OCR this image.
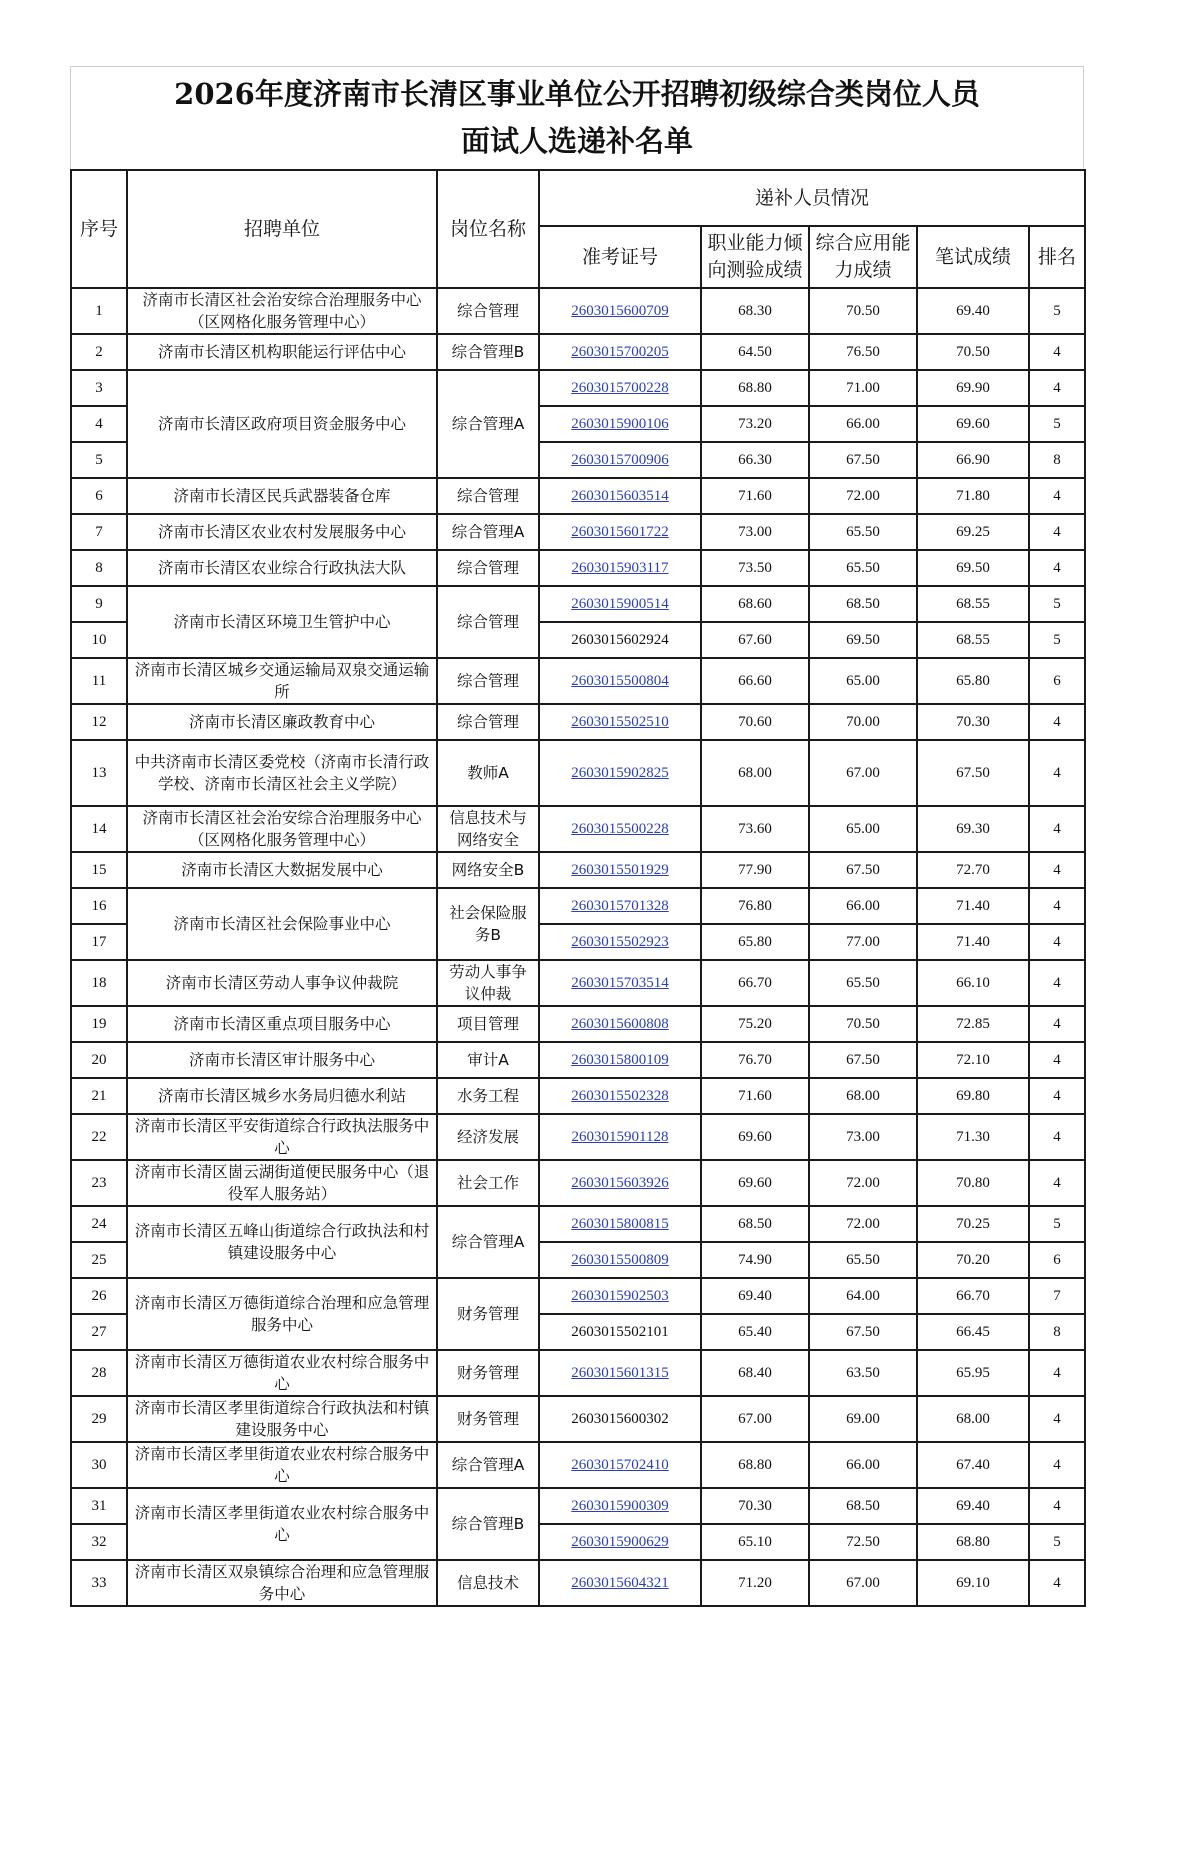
2026年度济南市长清区事业单位公开招聘初级综合类岗位人员
面试人选递补名单
序号	招聘单位	岗位名称	递补人员情况				
			准考证号	职业能力倾向测验成绩	综合应用能力成绩	笔试成绩	排名
1	济南市长清区社会治安综合治理服务中心（区网格化服务管理中心）	综合管理	2603015600709	68.30	70.50	69.40	5
2	济南市长清区机构职能运行评估中心	综合管理B	2603015700205	64.50	76.50	70.50	4
3	济南市长清区政府项目资金服务中心	综合管理A	2603015700228	68.80	71.00	69.90	4
4			2603015900106	73.20	66.00	69.60	5
5			2603015700906	66.30	67.50	66.90	8
6	济南市长清区民兵武器装备仓库	综合管理	2603015603514	71.60	72.00	71.80	4
7	济南市长清区农业农村发展服务中心	综合管理A	2603015601722	73.00	65.50	69.25	4
8	济南市长清区农业综合行政执法大队	综合管理	2603015903117	73.50	65.50	69.50	4
9	济南市长清区环境卫生管护中心	综合管理	2603015900514	68.60	68.50	68.55	5
10			2603015602924	67.60	69.50	68.55	5
11	济南市长清区城乡交通运输局双泉交通运输所	综合管理	2603015500804	66.60	65.00	65.80	6
12	济南市长清区廉政教育中心	综合管理	2603015502510	70.60	70.00	70.30	4
13	中共济南市长清区委党校（济南市长清行政学校、济南市长清区社会主义学院）	教师A	2603015902825	68.00	67.00	67.50	4
14	济南市长清区社会治安综合治理服务中心（区网格化服务管理中心）	信息技术与网络安全	2603015500228	73.60	65.00	69.30	4
15	济南市长清区大数据发展中心	网络安全B	2603015501929	77.90	67.50	72.70	4
16	济南市长清区社会保险事业中心	社会保险服务B	2603015701328	76.80	66.00	71.40	4
17			2603015502923	65.80	77.00	71.40	4
18	济南市长清区劳动人事争议仲裁院	劳动人事争议仲裁	2603015703514	66.70	65.50	66.10	4
19	济南市长清区重点项目服务中心	项目管理	2603015600808	75.20	70.50	72.85	4
20	济南市长清区审计服务中心	审计A	2603015800109	76.70	67.50	72.10	4
21	济南市长清区城乡水务局归德水利站	水务工程	2603015502328	71.60	68.00	69.80	4
22	济南市长清区平安街道综合行政执法服务中心	经济发展	2603015901128	69.60	73.00	71.30	4
23	济南市长清区崮云湖街道便民服务中心（退役军人服务站）	社会工作	2603015603926	69.60	72.00	70.80	4
24	济南市长清区五峰山街道综合行政执法和村镇建设服务中心	综合管理A	2603015800815	68.50	72.00	70.25	5
25			2603015500809	74.90	65.50	70.20	6
26	济南市长清区万德街道综合治理和应急管理服务中心	财务管理	2603015902503	69.40	64.00	66.70	7
27			2603015502101	65.40	67.50	66.45	8
28	济南市长清区万德街道农业农村综合服务中心	财务管理	2603015601315	68.40	63.50	65.95	4
29	济南市长清区孝里街道综合行政执法和村镇建设服务中心	财务管理	2603015600302	67.00	69.00	68.00	4
30	济南市长清区孝里街道农业农村综合服务中心	综合管理A	2603015702410	68.80	66.00	67.40	4
31	济南市长清区孝里街道农业农村综合服务中心	综合管理B	2603015900309	70.30	68.50	69.40	4
32			2603015900629	65.10	72.50	68.80	5
33	济南市长清区双泉镇综合治理和应急管理服务中心	信息技术	2603015604321	71.20	67.00	69.10	4
